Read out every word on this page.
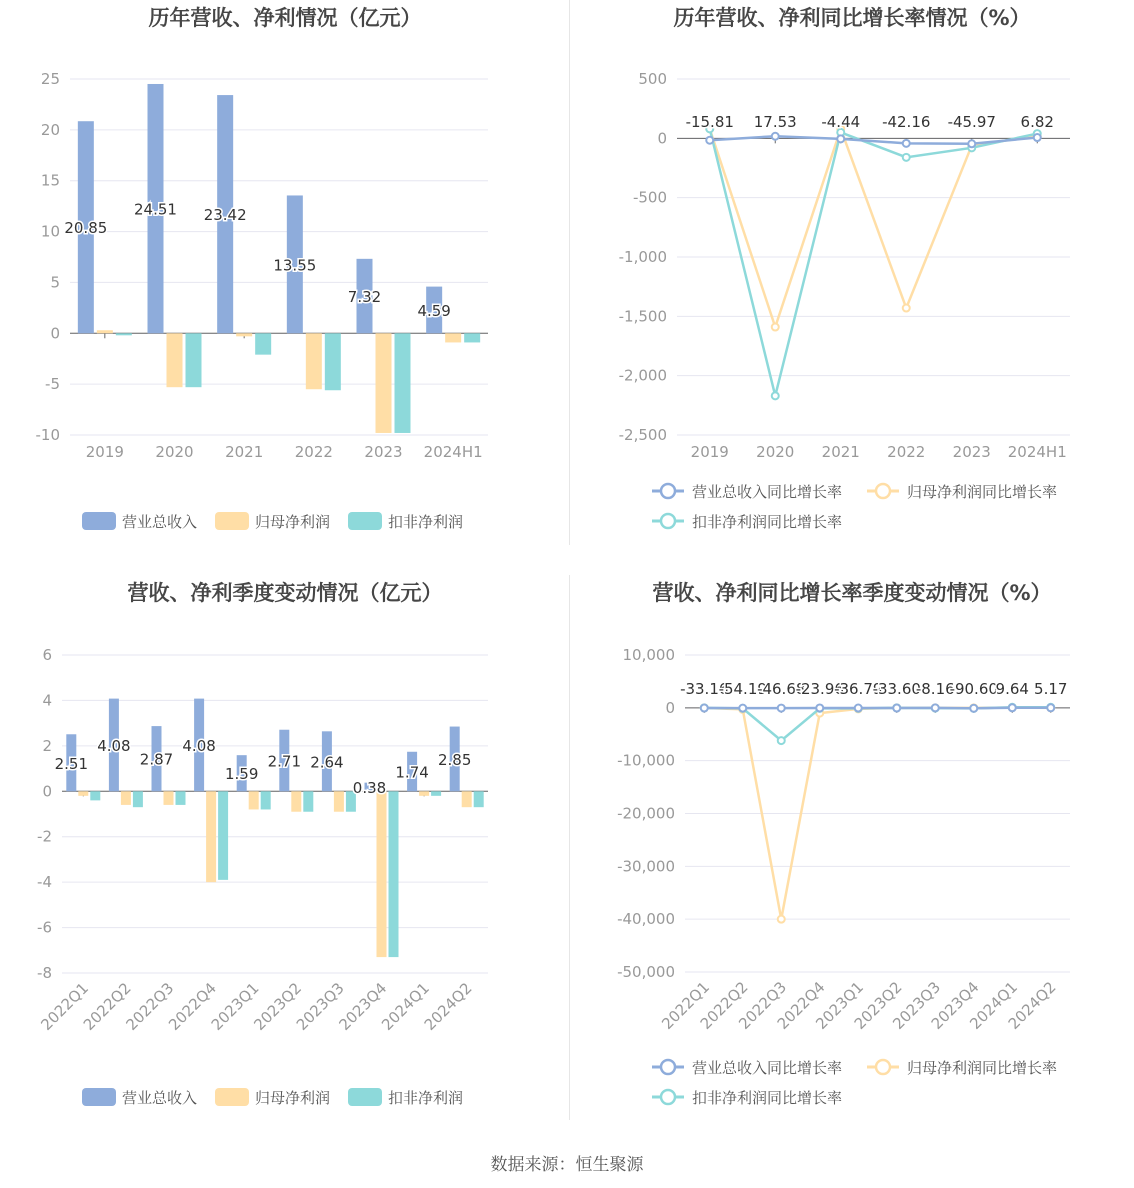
历年营收、净利情况（亿元）
25
20
15
10
5
0
-5
-10
2019
20.85
2020
24.51
2021
23.42
2022
13.55
2023
7.32
2024H1
4.59
营业总收入	归母净利润	扣非净利润
历年营收、净利同比增长率情况（%）
500
0
-500
-1,000
-1,500
-2,000
-2,500
2019 2020 2021 2022 2023 2024H1
-15.81 17.53 -4.44 -42.16 -45.97 6.82
营业总收入同比增长率	归母净利润同比增长率
扣非净利润同比增长率
营收、净利季度变动情况（亿元）
6
4
2
0
-2
-4
-6
-8
2022Q1
2.51
2022Q2
4.08
2022Q3
2.87
2022Q4
4.08
2023Q1
1.59
2023Q2
2.71
2023Q3
2.64
2023Q4
0.38
2024Q1
1.74
2024Q2
2.85
营业总收入	归母净利润	扣非净利润
营收、净利同比增长率季度变动情况（%）
10,000
0
-10,000
-20,000
-30,000
-40,000
-50,000
2022Q1
2022Q2
2022Q3
2022Q4
2023Q1
2023Q2
2023Q3
2023Q4
2024Q1
2024Q2
-33.16
-54.19
-46.68
-23.96
-36.79
-33.60
-8.16
-90.60
9.64 5.17
营业总收入同比增长率	归母净利润同比增长率
扣非净利润同比增长率
数据来源：恒生聚源
